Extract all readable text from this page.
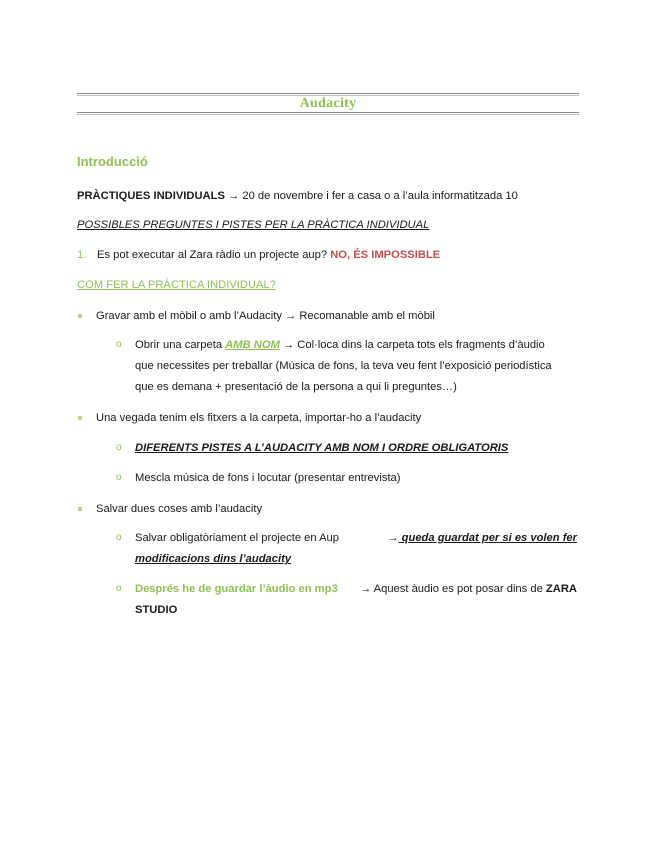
Audacity
Introducció
PRÀCTIQUES INDIVIDUALS → 20 de novembre i fer a casa o a l’aula informatitzada 10
POSSIBLES PREGUNTES I PISTES PER LA PRÀCTICA INDIVIDUAL
1. Es pot executar al Zara ràdio un projecte aup? NO, ÉS IMPOSSIBLE
COM FER LA PRÀCTICA INDIVIDUAL?
Gravar amb el mòbil o amb l’Audacity → Recomanable amb el mòbil
o Obrir una carpeta AMB NOM → Col·loca dins la carpeta tots els fragments d’àudio
que necessites per treballar (Música de fons, la teva veu fent l’exposició periodística
que es demana + presentació de la persona a qui li preguntes…)
Una vegada tenim els fitxers a la carpeta, importar-ho a l’audacity
o DIFERENTS PISTES A L’AUDACITY AMB NOM I ORDRE OBLIGATORIS
o Mescla música de fons i locutar (presentar entrevista)
Salvar dues coses amb l’audacity
o Salvar obligatòriament el projecte en Aup	→ queda guardat per si es volen fer
modificacions dins l’audacity
o Després he de guardar l’àudio en mp3 → Aquest àudio es pot posar dins de ZARA
STUDIO
